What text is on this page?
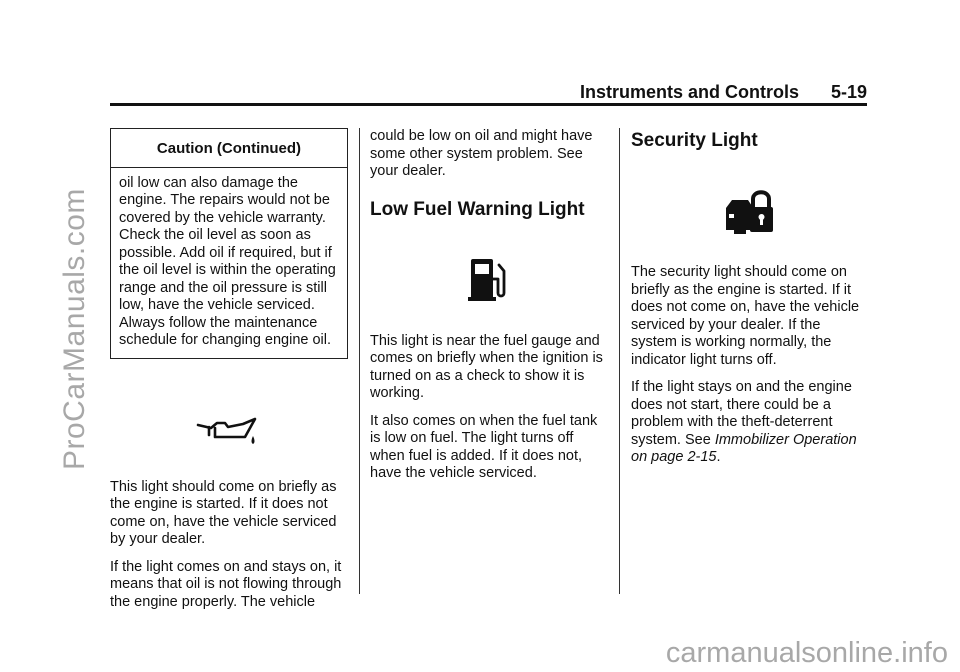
ProCarManuals.com
carmanualsonline.info
Instruments and Controls 5-19
Caution (Continued)
oil low can also damage the engine. The repairs would not be covered by the vehicle warranty. Check the oil level as soon as possible. Add oil if required, but if the oil level is within the operating range and the oil pressure is still low, have the vehicle serviced. Always follow the maintenance schedule for changing engine oil.

This light should come on briefly as the engine is started. If it does not come on, have the vehicle serviced by your dealer.

If the light comes on and stays on, it means that oil is not flowing through the engine properly. The vehicle

could be low on oil and might have some other system problem. See your dealer.

Low Fuel Warning Light

This light is near the fuel gauge and comes on briefly when the ignition is turned on as a check to show it is working.

It also comes on when the fuel tank is low on fuel. The light turns off when fuel is added. If it does not, have the vehicle serviced.

Security Light

The security light should come on briefly as the engine is started. If it does not come on, have the vehicle serviced by your dealer. If the system is working normally, the indicator light turns off.

If the light stays on and the engine does not start, there could be a problem with the theft-deterrent system. See Immobilizer Operation on page 2-15.
